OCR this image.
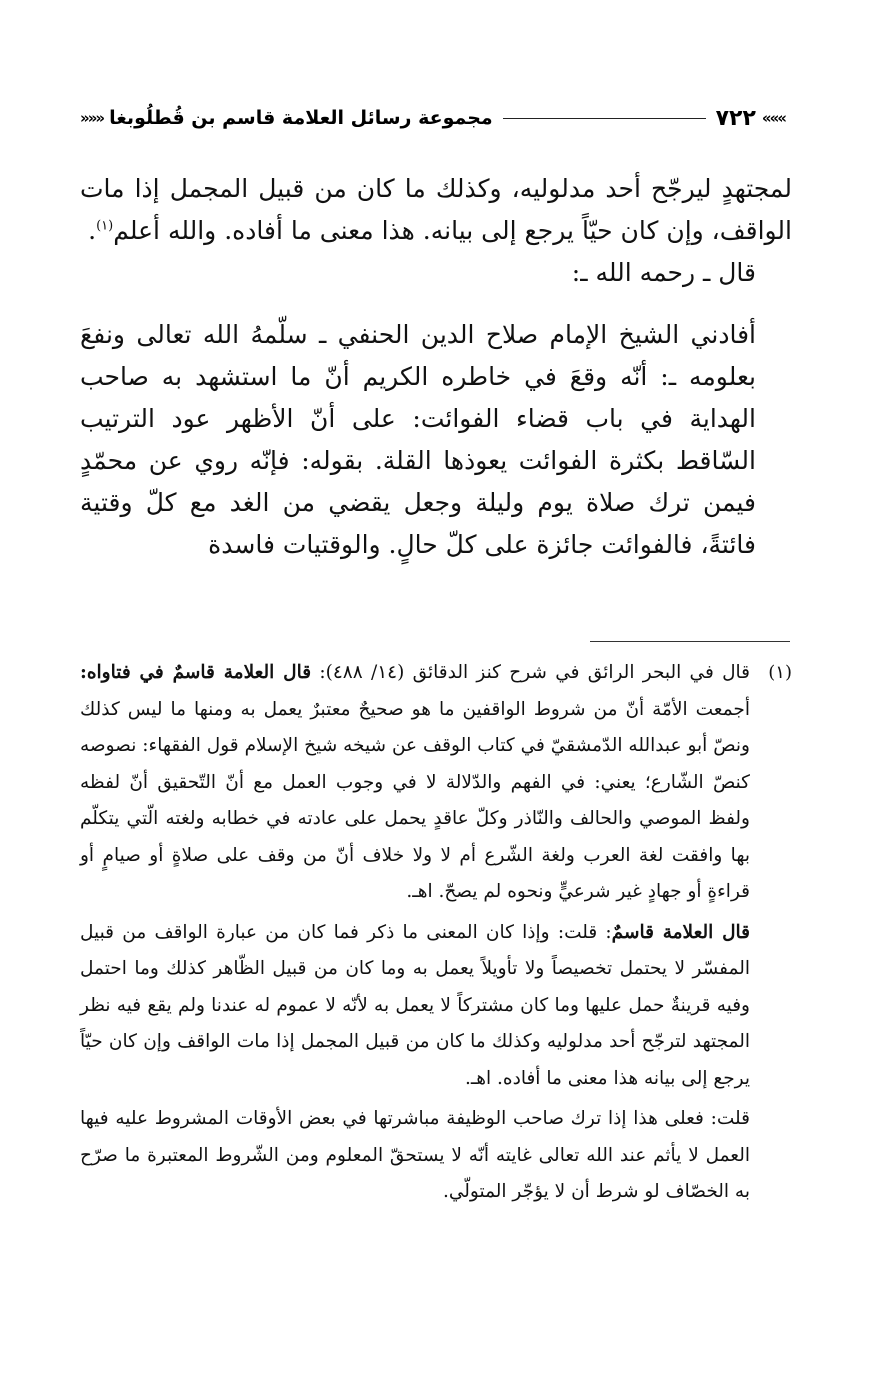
»»»
٧٢٢
مجموعة رسائل العلامة قاسم بن قُطلُوبغا
«««

لمجتهدٍ ليرجّح أحد مدلوليه، وكذلك ما كان من قبيل المجمل إذا مات الواقف، وإن كان حيّاً يرجع إلى بيانه. هذا معنى ما أفاده. والله أعلم$^{(١)}$.

قال ـ رحمه الله ـ:

أفادني الشيخ الإمام صلاح الدين الحنفي ـ سلّمهُ الله تعالى ونفعَ بعلومه ـ: أنّه وقعَ في خاطره الكريم أنّ ما استشهد به صاحب الهداية في باب قضاء الفوائت: على أنّ الأظهر عود الترتيب السّاقط بكثرة الفوائت يعوذها القلة. بقوله: فإنّه روي عن محمّدٍ فيمن ترك صلاة يوم وليلة وجعل يقضي من الغد مع كلّ وقتية فائتةً، فالفوائت جائزة على كلّ حالٍ. والوقتيات فاسدة

(١)

قال في البحر الرائق في شرح كنز الدقائق (١٤/ ٤٨٨): قال العلامة قاسمٌ في فتاواه: أجمعت الأمّة أنّ من شروط الواقفين ما هو صحيحٌ معتبرٌ يعمل به ومنها ما ليس كذلك ونصّ أبو عبدالله الدّمشقيّ في كتاب الوقف عن شيخه شيخ الإسلام قول الفقهاء: نصوصه كنصّ الشّارع؛ يعني: في الفهم والدّلالة لا في وجوب العمل مع أنّ التّحقيق أنّ لفظه ولفظ الموصي والحالف والنّاذر وكلّ عاقدٍ يحمل على عادته في خطابه ولغته الّتي يتكلّم بها وافقت لغة العرب ولغة الشّرع أم لا ولا خلاف أنّ من وقف على صلاةٍ أو صيامٍ أو قراءةٍ أو جهادٍ غير شرعيٍّ ونحوه لم يصحّ. اهـ.

قال العلامة قاسمٌ: قلت: وإذا كان المعنى ما ذكر فما كان من عبارة الواقف من قبيل المفسّر لا يحتمل تخصيصاً ولا تأويلاً يعمل به وما كان من قبيل الظّاهر كذلك وما احتمل وفيه قرينةٌ حمل عليها وما كان مشتركاً لا يعمل به لأنّه لا عموم له عندنا ولم يقع فيه نظر المجتهد لترجّح أحد مدلوليه وكذلك ما كان من قبيل المجمل إذا مات الواقف وإن كان حيّاً يرجع إلى بيانه هذا معنى ما أفاده. اهـ.

قلت: فعلى هذا إذا ترك صاحب الوظيفة مباشرتها في بعض الأوقات المشروط عليه فيها العمل لا يأثم عند الله تعالى غايته أنّه لا يستحقّ المعلوم ومن الشّروط المعتبرة ما صرّح به الخصّاف لو شرط أن لا يؤجّر المتولّي.
